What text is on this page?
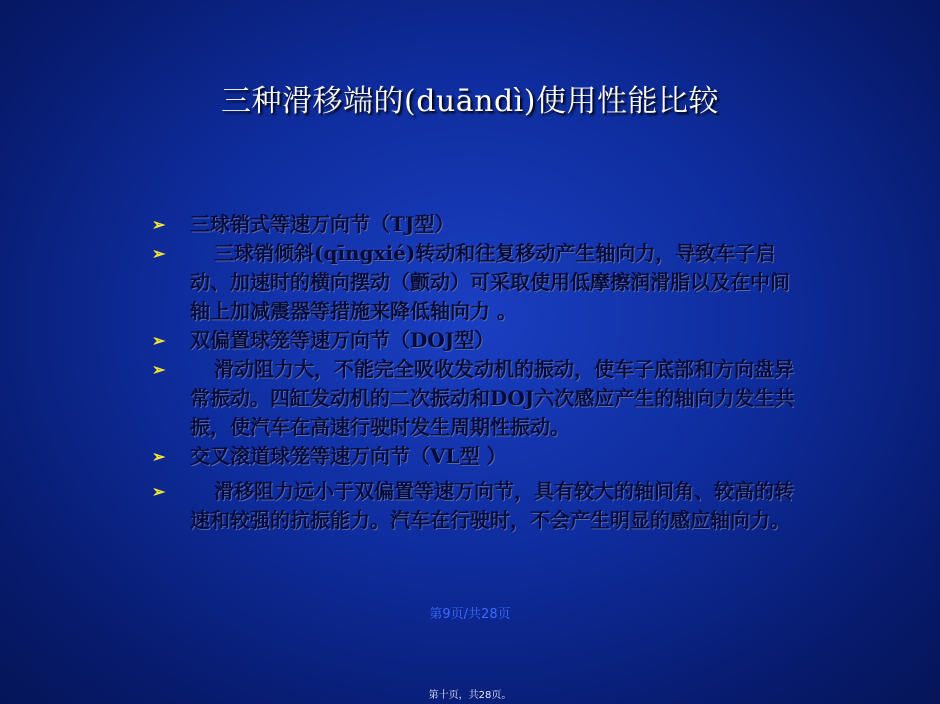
三种滑移端的(duāndì)使用性能比较
➢ 三球销式等速万向节（TJ型）
➢	三球销倾斜(qīngxié)转动和往复移动产生轴向力，导致车子启动、加速时的横向摆动（颤动）可采取使用低摩擦润滑脂以及在中间轴上加减震器等措施来降低轴向力 。
➢ 双偏置球笼等速万向节（DOJ型）
➢	滑动阻力大，不能完全吸收发动机的振动，使车子底部和方向盘异常振动。四缸发动机的二次振动和DOJ六次感应产生的轴向力发生共振，使汽车在高速行驶时发生周期性振动。
➢ 交叉滚道球笼等速万向节（VL型 ）
➢	滑移阻力远小于双偏置等速万向节，具有较大的轴间角、较高的转速和较强的抗振能力。汽车在行驶时，不会产生明显的感应轴向力。
第9页/共28页
第十页，共28页。
